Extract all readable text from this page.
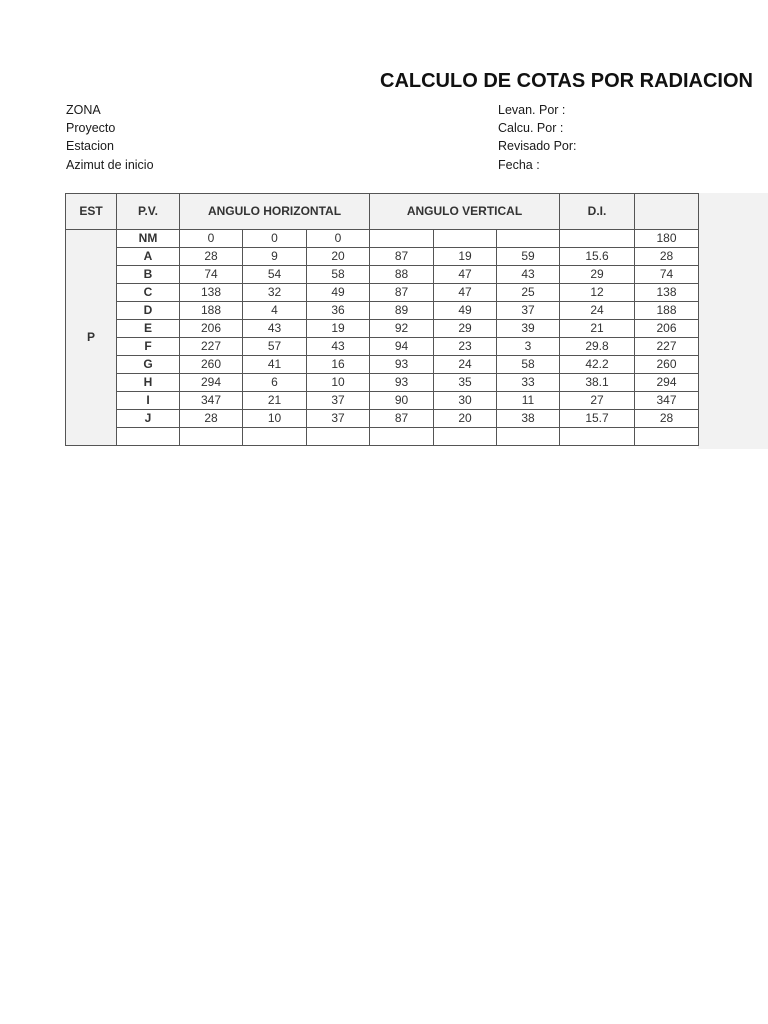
CALCULO DE COTAS POR RADIACION
ZONA
Proyecto
Estacion
Azimut de inicio
Levan. Por :
Calcu. Por :
Revisado Por:
Fecha :
EST	P.V.	ANGULO HORIZONTAL			ANGULO VERTICAL			D.I.	
P	NM	0	0	0					180
	A	28	9	20	87	19	59	15.6	28
	B	74	54	58	88	47	43	29	74
	C	138	32	49	87	47	25	12	138
	D	188	4	36	89	49	37	24	188
	E	206	43	19	92	29	39	21	206
	F	227	57	43	94	23	3	29.8	227
	G	260	41	16	93	24	58	42.2	260
	H	294	6	10	93	35	33	38.1	294
	I	347	21	37	90	30	11	27	347
	J	28	10	37	87	20	38	15.7	28
